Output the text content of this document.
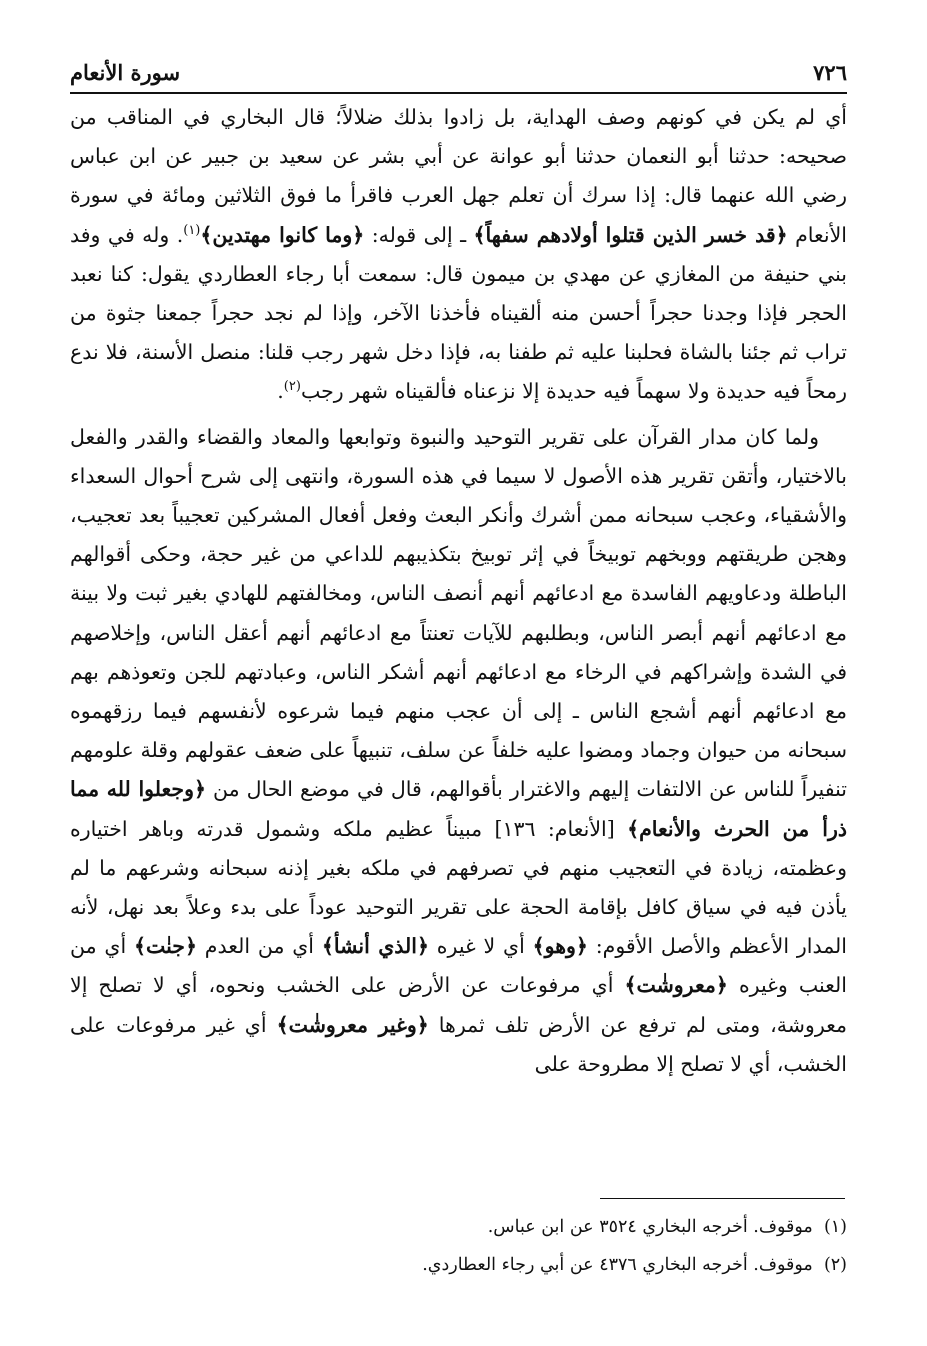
سورة الأنعام	٧٢٦

أي لم يكن في كونهم وصف الهداية، بل زادوا بذلك ضلالاً؛ قال البخاري في المناقب من صحيحه: حدثنا أبو النعمان حدثنا أبو عوانة عن أبي بشر عن سعيد بن جبير عن ابن عباس رضي الله عنهما قال: إذا سرك أن تعلم جهل العرب فاقرأ ما فوق الثلاثين ومائة في سورة الأنعام ﴿قد خسر الذين قتلوا أولادهم سفهاً﴾ ـ إلى قوله: ﴿وما كانوا مهتدين﴾$^{(١)}$. وله في وفد بني حنيفة من المغازي عن مهدي بن ميمون قال: سمعت أبا رجاء العطاردي يقول: كنا نعبد الحجر فإذا وجدنا حجراً أحسن منه ألقيناه فأخذنا الآخر، وإذا لم نجد حجراً جمعنا جثوة من تراب ثم جئنا بالشاة فحلبنا عليه ثم طفنا به، فإذا دخل شهر رجب قلنا: منصل الأسنة، فلا ندع رمحاً فيه حديدة ولا سهماً فيه حديدة إلا نزعناه فألقيناه شهر رجب$^{(٢)}$.

ولما كان مدار القرآن على تقرير التوحيد والنبوة وتوابعها والمعاد والقضاء والقدر والفعل بالاختيار، وأتقن تقرير هذه الأصول لا سيما في هذه السورة، وانتهى إلى شرح أحوال السعداء والأشقياء، وعجب سبحانه ممن أشرك وأنكر البعث وفعل أفعال المشركين تعجيباً بعد تعجيب، وهجن طريقتهم ووبخهم توبيخاً في إثر توبيخ بتكذيبهم للداعي من غير حجة، وحكى أقوالهم الباطلة ودعاويهم الفاسدة مع ادعائهم أنهم أنصف الناس، ومخالفتهم للهادي بغير ثبت ولا بينة مع ادعائهم أنهم أبصر الناس، وبطلبهم للآيات تعنتاً مع ادعائهم أنهم أعقل الناس، وإخلاصهم في الشدة وإشراكهم في الرخاء مع ادعائهم أنهم أشكر الناس، وعبادتهم للجن وتعوذهم بهم مع ادعائهم أنهم أشجع الناس ـ إلى أن عجب منهم فيما شرعوه لأنفسهم فيما رزقهموه سبحانه من حيوان وجماد ومضوا عليه خلفاً عن سلف، تنبيهاً على ضعف عقولهم وقلة علومهم تنفيراً للناس عن الالتفات إليهم والاغترار بأقوالهم، قال في موضع الحال من ﴿وجعلوا لله مما ذرأ من الحرث والأنعام﴾ [الأنعام: ١٣٦] مبيناً عظيم ملكه وشمول قدرته وباهر اختياره وعظمته، زيادة في التعجيب منهم في تصرفهم في ملكه بغير إذنه سبحانه وشرعهم ما لم يأذن فيه في سياق كافل بإقامة الحجة على تقرير التوحيد عوداً على بدء وعلاً بعد نهل، لأنه المدار الأعظم والأصل الأقوم: ﴿وهو﴾ أي لا غيره ﴿الذي أنشأ﴾ أي من العدم ﴿جنٰت﴾ أي من العنب وغيره ﴿معروشٰت﴾ أي مرفوعات عن الأرض على الخشب ونحوه، أي لا تصلح إلا معروشة، ومتى لم ترفع عن الأرض تلف ثمرها ﴿وغير معروشٰت﴾ أي غير مرفوعات على الخشب، أي لا تصلح إلا مطروحة على

(١)  موقوف. أخرجه البخاري ٣٥٢٤ عن ابن عباس.
(٢)  موقوف. أخرجه البخاري ٤٣٧٦ عن أبي رجاء العطاردي.
